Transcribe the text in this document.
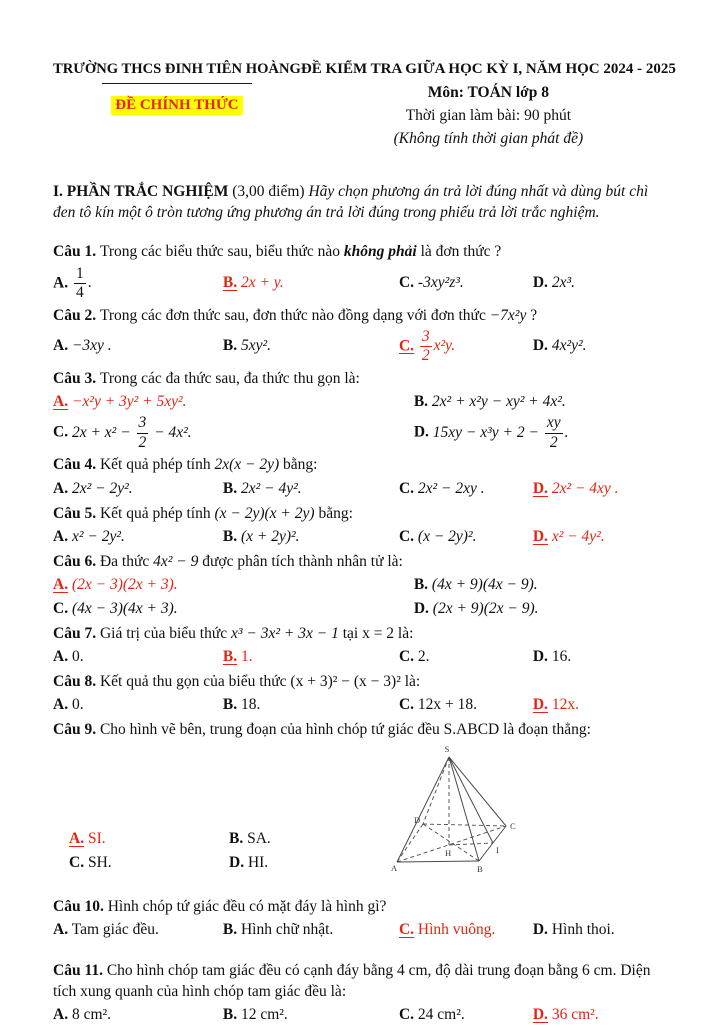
TRƯỜNG THCS ĐINH TIÊN HOÀNG
ĐỀ CHÍNH THỨC
ĐỀ KIỂM TRA GIỮA HỌC KỲ I, NĂM HỌC 2024 - 2025
Môn: TOÁN lớp 8
Thời gian làm bài: 90 phút
(Không tính thời gian phát đề)

I. PHẦN TRẮC NGHIỆM (3,00 điểm) Hãy chọn phương án trả lời đúng nhất và dùng bút chì đen tô kín một ô tròn tương ứng phương án trả lời đúng trong phiếu trả lời trắc nghiệm.

Câu 1. Trong các biểu thức sau, biểu thức nào không phải là đơn thức ?
A. $\frac{1}{4}$ .	B. 2x + y.	C. -3xy²z³.	D. 2x³.
Câu 2. Trong các đơn thức sau, đơn thức nào đồng dạng với đơn thức −7x²y ?
A. −3xy .	B. 5xy².	C. $\frac{3}{2} x^2y$.	D. 4x²y².
Câu 3. Trong các đa thức sau, đa thức thu gọn là:
A. −x²y + 3y² + 5xy².	B. 2x² + x²y − xy² + 4x².
C. $2x + x^2 - \frac{3}{2} - 4x^2$.	D. $15xy - x^3y + 2 - \frac{xy}{2}$ .
Câu 4. Kết quả phép tính 2x(x − 2y) bằng:
A. 2x² − 2y².	B. 2x² − 4y².	C. 2x² − 2xy .	D. 2x² − 4xy .
Câu 5. Kết quả phép tính (x − 2y)(x + 2y) bằng:
A. x² − 2y².	B. (x + 2y)².	C. (x − 2y)².	D. x² − 4y².
Câu 6. Đa thức 4x² − 9 được phân tích thành nhân tử là:
A. (2x − 3)(2x + 3).	B. (4x + 9)(4x − 9).
C. (4x − 3)(4x + 3).	D. (2x + 9)(2x − 9).
Câu 7. Giá trị của biểu thức x³ − 3x² + 3x − 1 tại x = 2 là:
A. 0.	B. 1.	C. 2.	D. 16.
Câu 8. Kết quả thu gọn của biểu thức (x + 3)² − (x − 3)² là:
A. 0.	B. 18.	C. 12x + 18.	D. 12x.
Câu 9. Cho hình vẽ bên, trung đoạn của hình chóp tứ giác đều S.ABCD là đoạn thẳng:
A. SI.	B. SA.
C. SH.	D. HI.
S
A	B
C
D
H	I
Câu 10. Hình chóp tứ giác đều có mặt đáy là hình gì?
A. Tam giác đều.	B. Hình chữ nhật.	C. Hình vuông.	D. Hình thoi.
Câu 11. Cho hình chóp tam giác đều có cạnh đáy bằng 4 cm, độ dài trung đoạn bằng 6 cm. Diện tích xung quanh của hình chóp tam giác đều là:
A. 8 cm².	B. 12 cm².	C. 24 cm².	D. 36 cm².
